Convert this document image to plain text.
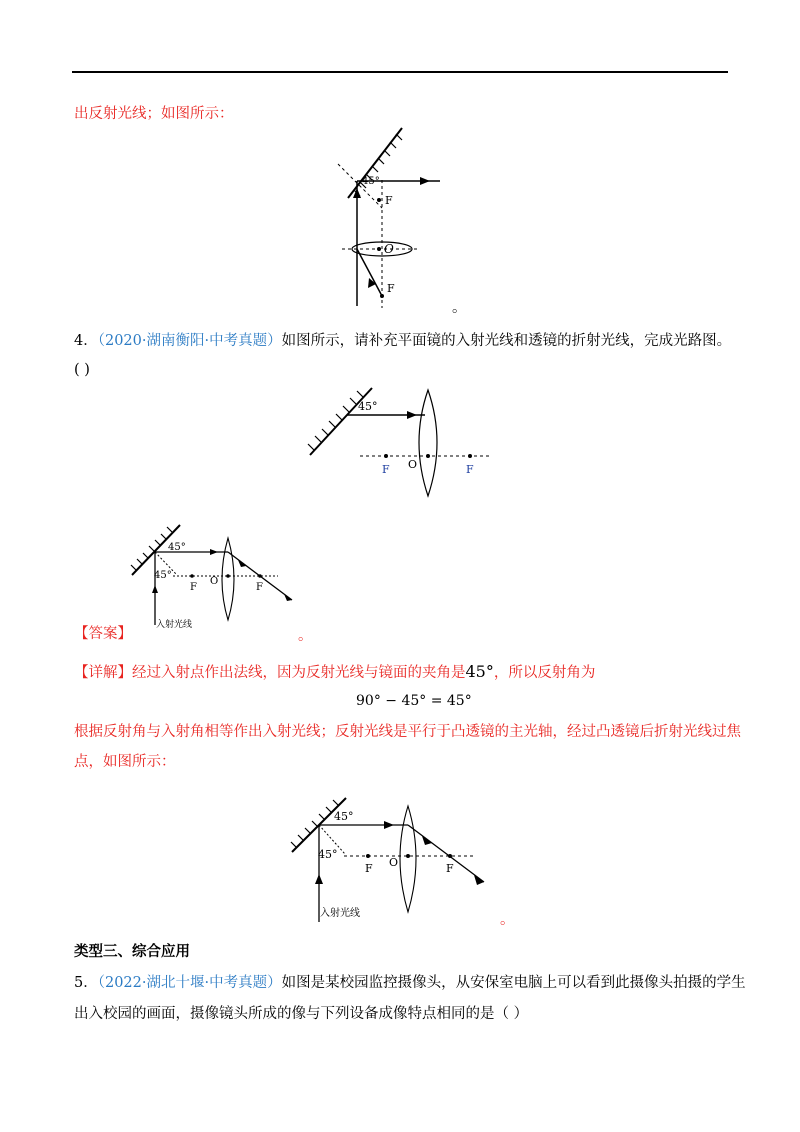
出反射光线；如图所示：
45°
O
F
F
。
4．（2020·湖南衡阳·中考真题）如图所示，请补充平面镜的入射光线和透镜的折射光线，完成光路图。
( )
45°
F O	F
45°
45°
F
O
F
入射光线
【答案】	。
【详解】经过入射点作出法线，因为反射光线与镜面的夹角是45°，所以反射角为
90° − 45° = 45°
根据反射角与入射角相等作出入射光线；反射光线是平行于凸透镜的主光轴，经过凸透镜后折射光线过焦
点，如图所示：
45°
45°
F O	F
入射光线	。
类型三、综合应用
5．（2022·湖北十堰·中考真题）如图是某校园监控摄像头，从安保室电脑上可以看到此摄像头拍摄的学生
出入校园的画面，摄像镜头所成的像与下列设备成像特点相同的是（ ）
